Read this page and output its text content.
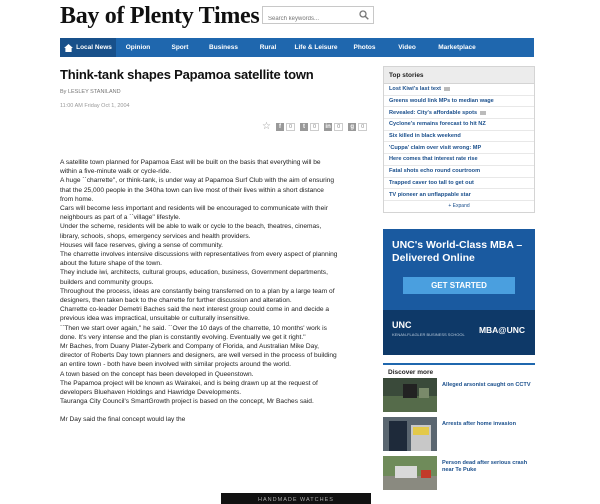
Bay of Plenty Times
Search keywords...
Local News	Opinion	Sport	Business	Rural	Life & Leisure	Photos	Video	Marketplace
Think-tank shapes Papamoa satellite town
By LESLEY STANILAND
11:00 AM Friday Oct 1, 2004
☆	f	0	t	0	in	0	g	0

A satellite town planned for Papamoa East will be built on the basis that everything will be within a five-minute walk or cycle-ride.

A huge ``charrette'', or think-tank, is under way at Papamoa Surf Club with the aim of ensuring that the 25,000 people in the 340ha town can live most of their lives within a short distance from home.

Cars will become less important and residents will be encouraged to communicate with their neighbours as part of a ``village'' lifestyle.

Under the scheme, residents will be able to walk or cycle to the beach, theatres, cinemas, library, schools, shops, emergency services and health providers.

Houses will face reserves, giving a sense of community.

The charrette involves intensive discussions with representatives from every aspect of planning about the future shape of the town.

They include iwi, architects, cultural groups, education, business, Government departments, builders and community groups.

Throughout the process, ideas are constantly being transferred on to a plan by a large team of designers, then taken back to the charrette for further discussion and alteration.

Charrette co-leader Demetri Baches said the next interest group could come in and decide a previous idea was impractical, unsuitable or culturally insensitive.

``Then we start over again,'' he said. ``Over the 10 days of the charrette, 10 months' work is done. It's very intense and the plan is constantly evolving. Eventually we get it right.''

Mr Baches, from Duany Plater-Zyberk and Company of Florida, and Australian Mike Day, director of Roberts Day town planners and designers, are well versed in the process of building an entire town - both have been involved with similar projects around the world.

A town based on the concept has been developed in Queenstown.

The Papamoa project will be known as Wairakei, and is being drawn up at the request of developers Bluehaven Holdings and Hawridge Developments.

Tauranga City Council's SmartGrowth project is based on the concept, Mr Baches said.

Mr Day said the final concept would lay the

HANDMADE WATCHES
Top stories
Lost Kiwi's last text
Greens would link MPs to median wage
Revealed: City's affordable spots
Cyclone's remains forecast to hit NZ
Six killed in black weekend
'Cuppa' claim over visit wrong: MP
Here comes that interest rate rise
Fatal shots echo round courtroom
Trapped caver too tall to get out
TV pioneer an unflappable star
+ Expand
UNC's World-Class MBA – Delivered Online
GET STARTED
UNC
KENAN-FLAGLER BUSINESS SCHOOL MBA@UNC
Discover more
Alleged arsonist caught on CCTV
Arrests after home invasion
Person dead after serious crash near Te Puke
